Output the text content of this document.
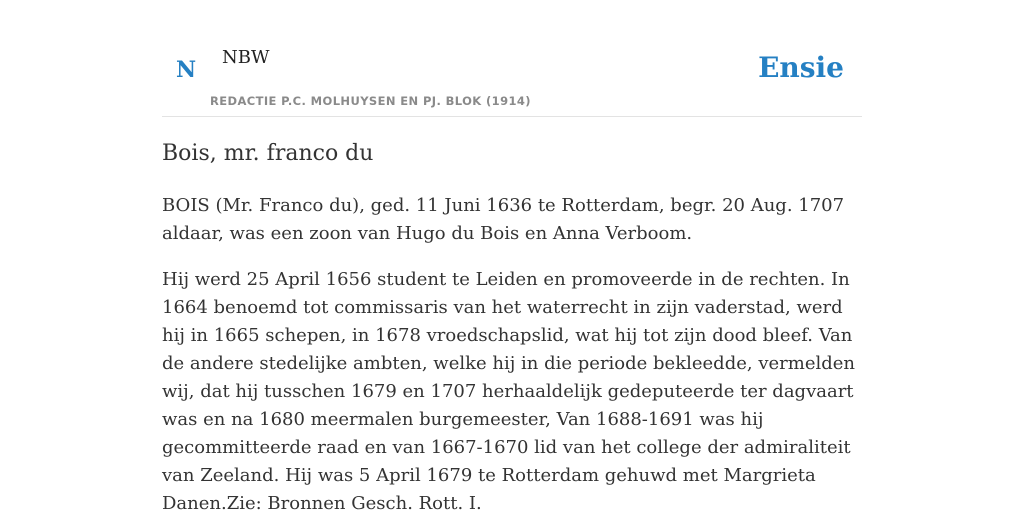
N NBW
REDACTIE P.C. MOLHUYSEN EN PJ. BLOK (1914)
Ensie
Bois, mr. franco du

BOIS (Mr. Franco du), ged. 11 Juni 1636 te Rotterdam, begr. 20 Aug. 1707 aldaar, was een zoon van Hugo du Bois en Anna Verboom.

Hij werd 25 April 1656 student te Leiden en promoveerde in de rechten. In 1664 benoemd tot commissaris van het waterrecht in zijn vaderstad, werd hij in 1665 schepen, in 1678 vroedschapslid, wat hij tot zijn dood bleef. Van de andere stedelijke ambten, welke hij in die periode bekleedde, vermelden wij, dat hij tusschen 1679 en 1707 herhaaldelijk gedeputeerde ter dagvaart was en na 1680 meermalen burgemeester, Van 1688-1691 was hij gecommitteerde raad en van 1667-1670 lid van het college der admiraliteit van Zeeland. Hij was 5 April 1679 te Rotterdam gehuwd met Margrieta Danen.Zie: Bronnen Gesch. Rott. I.
